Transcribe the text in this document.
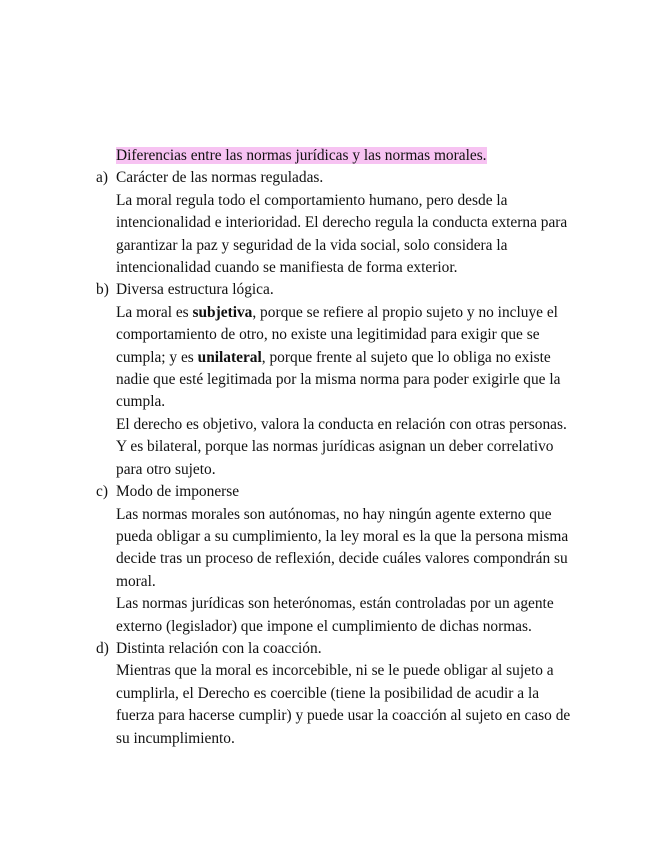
Diferencias entre las normas jurídicas y las normas morales.
a) Carácter de las normas reguladas.
La moral regula todo el comportamiento humano, pero desde la intencionalidad e interioridad. El derecho regula la conducta externa para garantizar la paz y seguridad de la vida social, solo considera la intencionalidad cuando se manifiesta de forma exterior.
b) Diversa estructura lógica.
La moral es subjetiva, porque se refiere al propio sujeto y no incluye el comportamiento de otro, no existe una legitimidad para exigir que se cumpla; y es unilateral, porque frente al sujeto que lo obliga no existe nadie que esté legitimada por la misma norma para poder exigirle que la cumpla.
El derecho es objetivo, valora la conducta en relación con otras personas. Y es bilateral, porque las normas jurídicas asignan un deber correlativo para otro sujeto.
c) Modo de imponerse
Las normas morales son autónomas, no hay ningún agente externo que pueda obligar a su cumplimiento, la ley moral es la que la persona misma decide tras un proceso de reflexión, decide cuáles valores compondrán su moral.
Las normas jurídicas son heterónomas, están controladas por un agente externo (legislador) que impone el cumplimiento de dichas normas.
d) Distinta relación con la coacción.
Mientras que la moral es incorcebible, ni se le puede obligar al sujeto a cumplirla, el Derecho es coercible (tiene la posibilidad de acudir a la fuerza para hacerse cumplir) y puede usar la coacción al sujeto en caso de su incumplimiento.
